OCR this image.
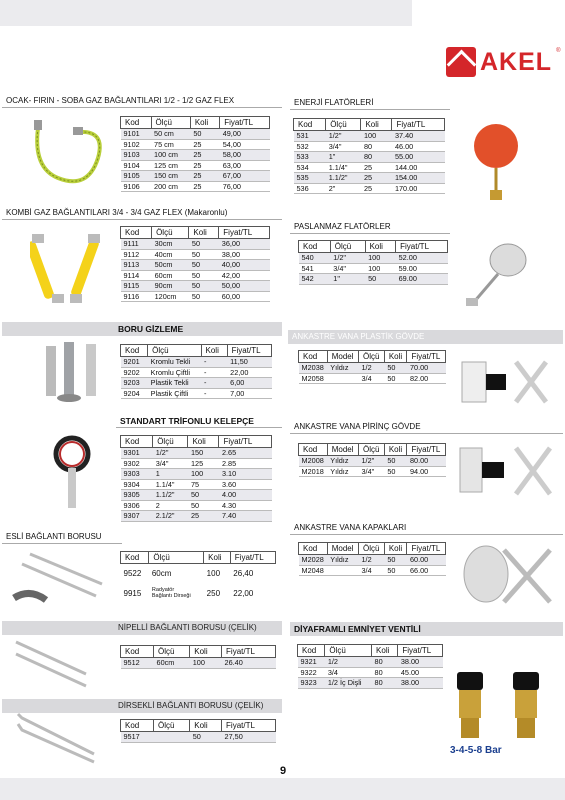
9
AKEL ®
OCAK- FIRIN - SOBA GAZ BAĞLANTILARI 1/2 - 1/2 GAZ FLEX
Kod	Ölçü	Koli	Fiyat/TL
9101	50 cm	50	49,00
9102	75 cm	25	54,00
9103	100 cm	25	58,00
9104	125 cm	25	63,00
9105	150 cm	25	67,00
9106	200 cm	25	76,00
KOMBİ GAZ BAĞLANTILARI 3/4 - 3/4 GAZ FLEX (Makaronlu)
Kod	Ölçü	Koli	Fiyat/TL
9111	30cm	50	36,00
9112	40cm	50	38,00
9113	50cm	50	40,00
9114	60cm	50	42,00
9115	90cm	50	50,00
9116	120cm	50	60,00
BORU GİZLEME
Kod	Ölçü	Koli	Fiyat/TL
9201	Kromlu Tekli	-	11,50
9202	Kromlu Çiftli	-	22,00
9203	Plastik Tekli	-	6,00
9204	Plastik Çiftli	-	7,00
STANDART TRİFONLU KELEPÇE
Kod	Ölçü	Koli	Fiyat/TL
9301	1/2"	150	2.65
9302	3/4"	125	2.85
9303	1	100	3.10
9304	1.1/4"	75	3.60
9305	1.1/2"	50	4.00
9306	2	50	4.30
9307	2.1/2"	25	7.40
ESLİ BAĞLANTI BORUSU
Kod	Ölçü	Koli	Fiyat/TL
9522	60cm	100	26,40
9915	Radyatör Bağlantı Dirseği	250	22,00
NİPELLİ BAĞLANTI BORUSU (ÇELİK)
Kod	Ölçü	Koli	Fiyat/TL
9512	60cm	100	26.40
DİRSEKLİ BAĞLANTI BORUSU (ÇELİK)
Kod	Ölçü	Koli	Fiyat/TL
9517		50	27,50
ENERJİ FLATÖRLERİ
Kod	Ölçü	Koli	Fiyat/TL
531	1/2"	100	37.40
532	3/4"	80	46.00
533	1"	80	55.00
534	1.1/4"	25	144.00
535	1.1/2"	25	154.00
536	2"	25	170.00
PASLANMAZ FLATÖRLER
Kod	Ölçü	Koli	Fiyat/TL
540	1/2"	100	52.00
541	3/4"	100	59.00
542	1"	50	69.00
ANKASTRE VANA PLASTİK GÖVDE
Kod	Model	Ölçü	Koli	Fiyat/TL
M2038	Yıldız	1/2	50	70.00
M2058		3/4	50	82.00
ANKASTRE VANA PİRİNÇ GÖVDE
Kod	Model	Ölçü	Koli	Fiyat/TL
M2008	Yıldız	1/2"	50	80.00
M2018	Yıldız	3/4"	50	94.00
ANKASTRE VANA KAPAKLARI
Kod	Model	Ölçü	Koli	Fiyat/TL
M2028	Yıldız	1/2	50	60.00
M2048		3/4	50	66.00
DİYAFRAMLI EMNİYET VENTİLİ
Kod	Ölçü	Koli	Fiyat/TL
9321	1/2	80	38.00
9322	3/4	80	45.00
9323	1/2 İç Dişli	80	38.00
3-4-5-8 Bar
